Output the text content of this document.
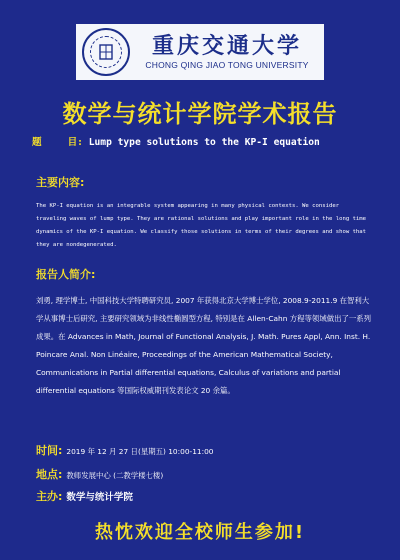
重庆交通大学
CHONG QING JIAO TONG UNIVERSITY
数学与统计学院学术报告
题	目: Lump type solutions to the KP-I equation
主要内容:
The KP-I equation is an integrable system appearing in many physical contexts. We consider traveling waves of lump type. They are rational solutions and play important role in the long time dynamics of the KP-I equation. We classify those solutions in terms of their degrees and show that they are nondegenerated.
报告人简介:
刘勇, 理学博士, 中国科技大学特聘研究员, 2007 年获得北京大学博士学位, 2008.9-2011.9 在智利大学从事博士后研究, 主要研究领域为非线性椭圆型方程, 特别是在 Allen-Cahn 方程等领域做出了一系列成果。在 Advances in Math, Journal of Functional Analysis, J. Math. Pures Appl, Ann. Inst. H. Poincare Anal. Non Linéaire, Proceedings of the American Mathematical Society, Communications in Partial differential equations, Calculus of variations and partial differential equations 等国际权威期刊发表论文 20 余篇。
时间: 2019 年 12 月 27 日(星期五) 10:00-11:00
地点: 教师发展中心 (二教学楼七楼)
主办: 数学与统计学院
热忱欢迎全校师生参加!
